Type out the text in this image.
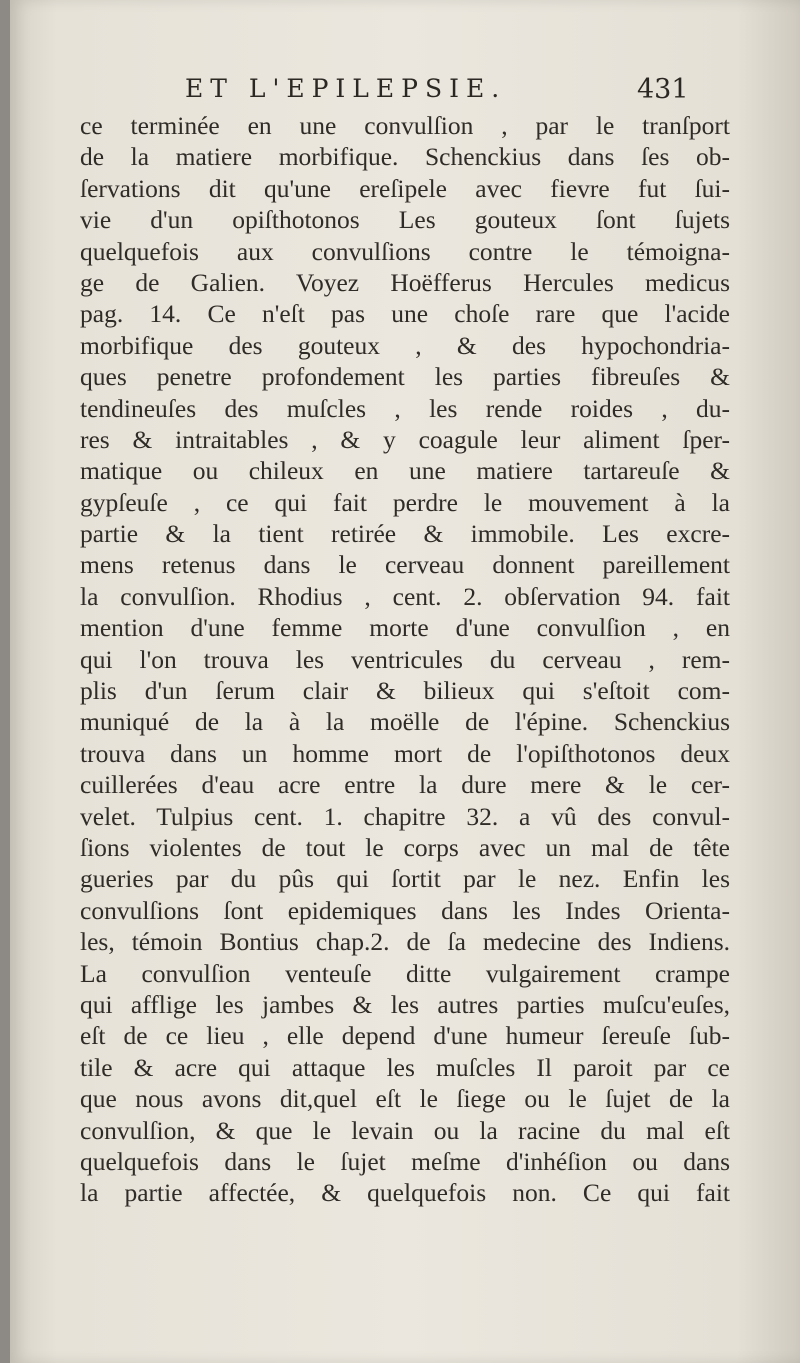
ET L'EPILEPSIE.	431
ce terminée en une convulſion , par le tranſport
de la matiere morbifique. Schenckius dans ſes ob-
ſervations dit qu'une ereſipele avec fievre fut ſui-
vie d'un opiſthotonos Les gouteux ſont ſujets
quelquefois aux convulſions contre le témoigna-
ge de Galien. Voyez Hoëfferus Hercules medicus
pag. 14. Ce n'eſt pas une choſe rare que l'acide
morbifique des gouteux , & des hypochondria-
ques penetre profondement les parties fibreuſes &
tendineuſes des muſcles , les rende roides , du-
res & intraitables , & y coagule leur aliment ſper-
matique ou chileux en une matiere tartareuſe &
gypſeuſe , ce qui fait perdre le mouvement à la
partie & la tient retirée & immobile. Les excre-
mens retenus dans le cerveau donnent pareillement
la convulſion. Rhodius , cent. 2. obſervation 94. fait
mention d'une femme morte d'une convulſion , en
qui l'on trouva les ventricules du cerveau , rem-
plis d'un ſerum clair & bilieux qui s'eſtoit com-
muniqué de la à la moëlle de l'épine. Schenckius
trouva dans un homme mort de l'opiſthotonos deux
cuillerées d'eau acre entre la dure mere & le cer-
velet. Tulpius cent. 1. chapitre 32. a vû des convul-
ſions violentes de tout le corps avec un mal de tête
gueries par du pûs qui ſortit par le nez. Enfin les
convulſions ſont epidemiques dans les Indes Orienta-
les, témoin Bontius chap.2. de ſa medecine des Indiens.
La convulſion venteuſe ditte vulgairement crampe
qui afflige les jambes & les autres parties muſcu'euſes,
eſt de ce lieu , elle depend d'une humeur ſereuſe ſub-
tile & acre qui attaque les muſcles Il paroit par ce
que nous avons dit,quel eſt le ſiege ou le ſujet de la
convulſion, & que le levain ou la racine du mal eſt
quelquefois dans le ſujet meſme d'inhéſion ou dans
la partie affectée, & quelquefois non. Ce qui fait
